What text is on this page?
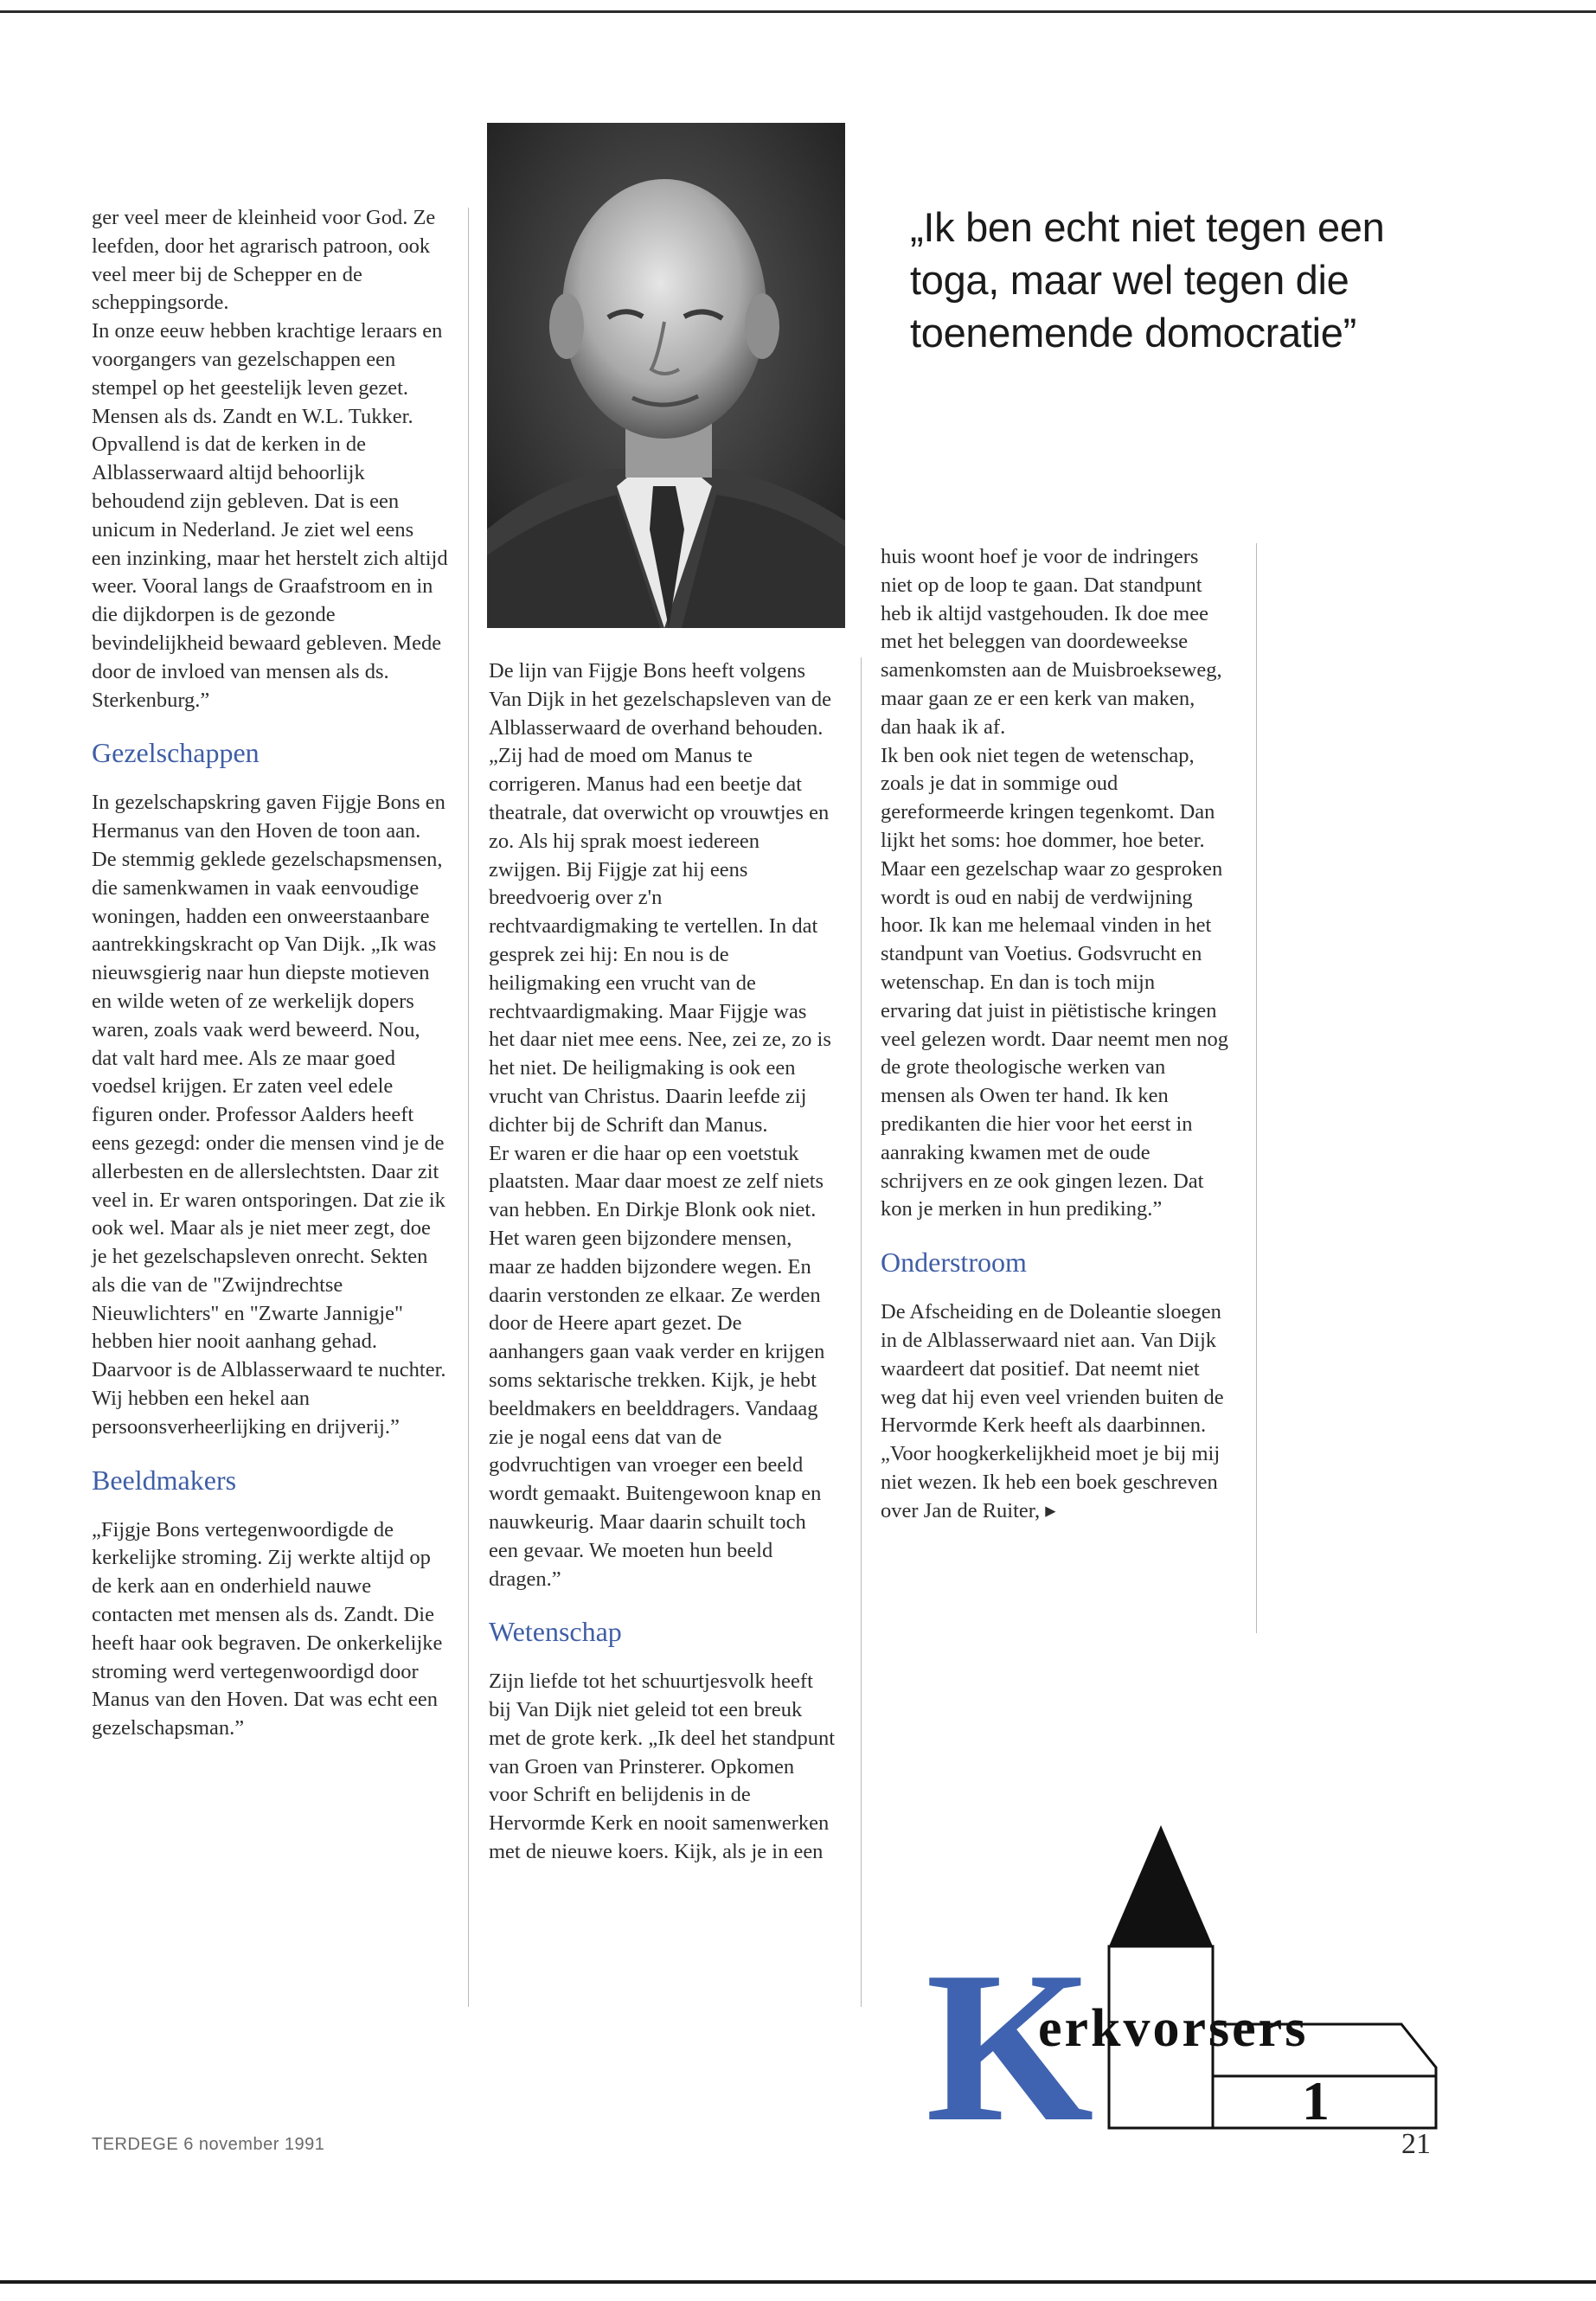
ger veel meer de kleinheid voor God. Ze leefden, door het agrarisch patroon, ook veel meer bij de Schepper en de scheppingsorde.

In onze eeuw hebben krachtige leraars en voorgangers van gezelschappen een stempel op het geestelijk leven gezet. Mensen als ds. Zandt en W.L. Tukker. Opvallend is dat de kerken in de Alblasserwaard altijd behoorlijk behoudend zijn gebleven. Dat is een unicum in Nederland. Je ziet wel eens een inzinking, maar het herstelt zich altijd weer. Vooral langs de Graafstroom en in die dijkdorpen is de gezonde bevindelijkheid bewaard gebleven. Mede door de invloed van mensen als ds. Sterkenburg.”

Gezelschappen

In gezelschapskring gaven Fijgje Bons en Hermanus van den Hoven de toon aan. De stemmig geklede gezelschapsmensen, die samenkwamen in vaak eenvoudige woningen, hadden een onweerstaanbare aantrekkingskracht op Van Dijk. „Ik was nieuwsgierig naar hun diepste motieven en wilde weten of ze werkelijk dopers waren, zoals vaak werd beweerd. Nou, dat valt hard mee. Als ze maar goed voedsel krijgen. Er zaten veel edele figuren onder. Professor Aalders heeft eens gezegd: onder die mensen vind je de allerbesten en de allerslechtsten. Daar zit veel in. Er waren ontsporingen. Dat zie ik ook wel. Maar als je niet meer zegt, doe je het gezelschapsleven onrecht. Sekten als die van de "Zwijndrechtse Nieuwlichters" en "Zwarte Jannigje" hebben hier nooit aanhang gehad. Daarvoor is de Alblasserwaard te nuchter. Wij hebben een hekel aan persoonsverheerlijking en drijverij.”

Beeldmakers

„Fijgje Bons vertegenwoordigde de kerkelijke stroming. Zij werkte altijd op de kerk aan en onderhield nauwe contacten met mensen als ds. Zandt. Die heeft haar ook begraven. De onkerkelijke stroming werd vertegenwoordigd door Manus van den Hoven. Dat was echt een gezelschapsman.”

De lijn van Fijgje Bons heeft volgens Van Dijk in het gezelschapsleven van de Alblasserwaard de overhand behouden. „Zij had de moed om Manus te corrigeren. Manus had een beetje dat theatrale, dat overwicht op vrouwtjes en zo. Als hij sprak moest iedereen zwijgen. Bij Fijgje zat hij eens breedvoerig over z'n rechtvaardigmaking te vertellen. In dat gesprek zei hij: En nou is de heiligmaking een vrucht van de rechtvaardigmaking. Maar Fijgje was het daar niet mee eens. Nee, zei ze, zo is het niet. De heiligmaking is ook een vrucht van Christus. Daarin leefde zij dichter bij de Schrift dan Manus.

Er waren er die haar op een voetstuk plaatsten. Maar daar moest ze zelf niets van hebben. En Dirkje Blonk ook niet. Het waren geen bijzondere mensen, maar ze hadden bijzondere wegen. En daarin verstonden ze elkaar. Ze werden door de Heere apart gezet. De aanhangers gaan vaak verder en krijgen soms sektarische trekken. Kijk, je hebt beeldmakers en beelddragers. Vandaag zie je nogal eens dat van de godvruchtigen van vroeger een beeld wordt gemaakt. Buitengewoon knap en nauwkeurig. Maar daarin schuilt toch een gevaar. We moeten hun beeld dragen.”

Wetenschap

Zijn liefde tot het schuurtjesvolk heeft bij Van Dijk niet geleid tot een breuk met de grote kerk. „Ik deel het standpunt van Groen van Prinsterer. Opkomen voor Schrift en belijdenis in de Hervormde Kerk en nooit samenwerken met de nieuwe koers. Kijk, als je in een

„Ik ben echt niet tegen een
toga, maar wel tegen die
toenemende domocratie”

huis woont hoef je voor de indringers niet op de loop te gaan. Dat standpunt heb ik altijd vastgehouden. Ik doe mee met het beleggen van doordeweekse samenkomsten aan de Muisbroekseweg, maar gaan ze er een kerk van maken, dan haak ik af.

Ik ben ook niet tegen de wetenschap, zoals je dat in sommige oud gereformeerde kringen tegenkomt. Dan lijkt het soms: hoe dommer, hoe beter. Maar een gezelschap waar zo gesproken wordt is oud en nabij de verdwijning hoor. Ik kan me helemaal vinden in het standpunt van Voetius. Godsvrucht en wetenschap. En dan is toch mijn ervaring dat juist in piëtistische kringen veel gelezen wordt. Daar neemt men nog de grote theologische werken van mensen als Owen ter hand. Ik ken predikanten die hier voor het eerst in aanraking kwamen met de oude schrijvers en ze ook gingen lezen. Dat kon je merken in hun prediking.”

Onderstroom

De Afscheiding en de Doleantie sloegen in de Alblasserwaard niet aan. Van Dijk waardeert dat positief. Dat neemt niet weg dat hij even veel vrienden buiten de Hervormde Kerk heeft als daarbinnen. „Voor hoogkerkelijkheid moet je bij mij niet wezen. Ik heb een boek geschreven over Jan de Ruiter, ▸

K
erkvorsers
1
TERDEGE 6 november 1991	21
